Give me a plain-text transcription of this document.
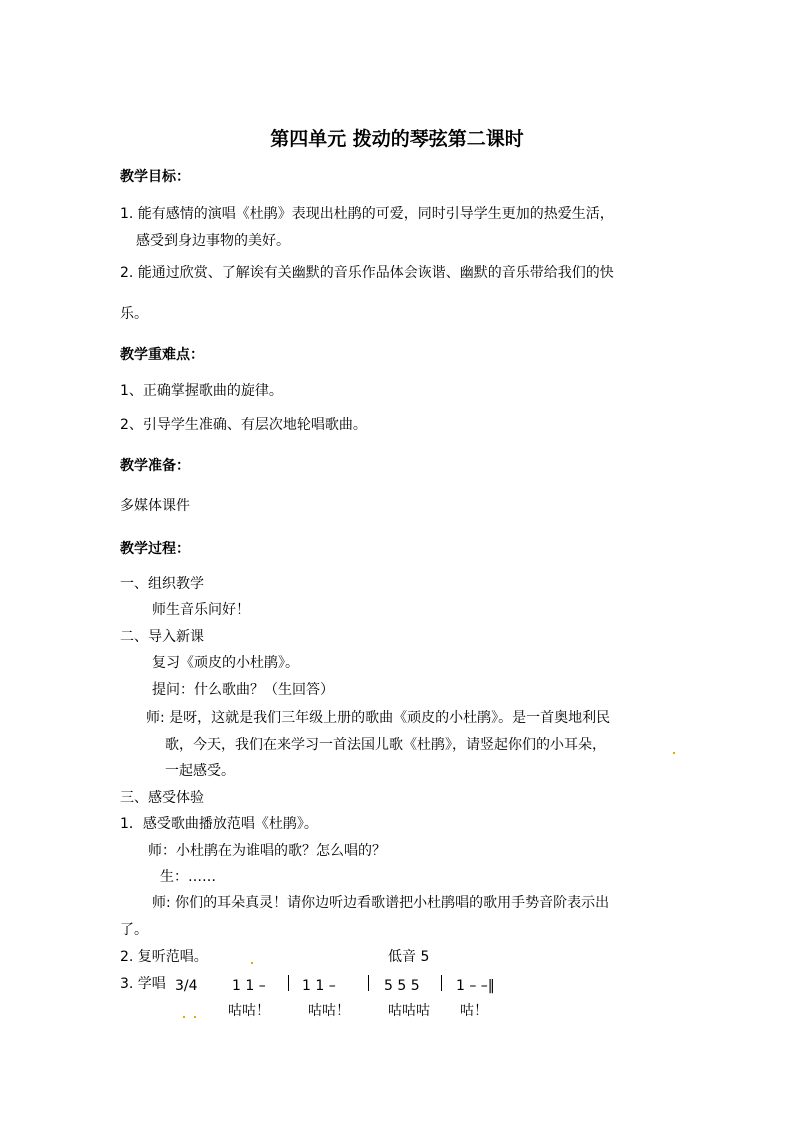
第四单元 拨动的琴弦第二课时
教学目标：
1. 能有感情的演唱《杜鹃》表现出杜鹃的可爱，同时引导学生更加的热爱生活，
感受到身边事物的美好。
2. 能通过欣赏、了解诶有关幽默的音乐作品体会诙谐、幽默的音乐带给我们的快
乐。
教学重难点：
1、正确掌握歌曲的旋律。
2、引导学生准确、有层次地轮唱歌曲。
教学准备：
多媒体课件
教学过程：
一、组织教学
师生音乐问好！
二、导入新课
复习《顽皮的小杜鹃》。
提问：什么歌曲？（生回答）
师: 是呀，这就是我们三年级上册的歌曲《顽皮的小杜鹃》。是一首奥地利民
歌，今天，我们在来学习一首法国儿歌《杜鹃》，请竖起你们的小耳朵，
一起感受。
三、感受体验
1．感受歌曲播放范唱《杜鹃》。
师：小杜鹃在为谁唱的歌？怎么唱的？
生：……
师: 你们的耳朵真灵！请你边听边看歌谱把小杜鹃唱的歌用手势音阶表示出
了。
2. 复听范唱。	低音 5
3. 学唱 3/4 1 1 –	1 1 –	5 5 5	1 – –‖
咕咕！	咕咕！	咕咕咕 咕！
